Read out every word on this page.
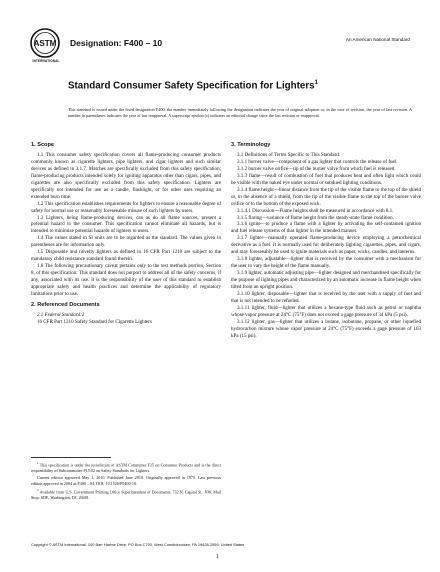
ASTM
INTERNATIONAL
Designation: F400 – 10	An American National Standard
Standard Consumer Safety Specification for Lighters$^1$

This standard is issued under the fixed designation F400; the number immediately following the designation indicates the year of original adoption or, in the case of revision, the year of last revision. A number in parentheses indicates the year of last reapproval. A superscript epsilon (ε) indicates an editorial change since the last revision or reapproval.

1. Scope

1.1 This consumer safety specification covers all flame-producing consumer products commonly known as cigarette lighters, pipe lighters, and cigar lighters and such similar devices as defined in 3.1.7. Matches are specifically excluded from this safety specification; flame-producing products intended solely for igniting apparatus other than cigars, pipes, and cigarettes are also specifically excluded from this safety specification. Lighters are specifically not intended for use as a candle, flashlight, or for other uses requiring an extended burn time.

1.2 This specification establishes requirements for lighters to ensure a reasonable degree of safety for normal use or reasonably foreseeable misuse of such lighters by users.

1.3 Lighters, being flame-producing devices, can as do all flame sources, present a potential hazard to the consumer. This specification cannot eliminate all hazards, but is intended to minimize potential hazards of lighters to users.

1.4 The values stated in SI units are to be regarded as the standard. The values given in parentheses are for information only.

1.5 Disposable and novelty lighters as defined in 16 CFR Part 1210 are subject to the mandatory child resistance standard found therein.

1.6 The following precautionary caveat pertains only to the test methods portion, Section 8, of this specification: This standard does not purport to address all of the safety concerns, if any, associated with its use. It is the responsibility of the user of this standard to establish appropriate safety and health practices and determine the applicability of regulatory limitations prior to use.

2. Referenced Documents

2.1 Federal Standard:2

16 CFR Part 1210 Safety Standard for Cigarette Lighters

3. Terminology

3.1 Definitions of Terms Specific to This Standard:

3.1.1 burner valve—component of a gas lighter that controls the release of fuel.

3.1.2 burner valve orifice—tip of the burner valve from which fuel is released.

3.1.3 flame—result of combustion of fuel that produces heat and often light which could be visible with the naked eye under normal or subdued lighting conditions.

3.1.4 flame height—linear distance from the tip of the visible flame to the top of the shield or, in the absence of a shield, from the tip of the visible flame to the top of the burner valve orifice or to the bottom of the exposed wick.

3.1.4.1 Discussion—Flame heights shall be measured in accordance with 8.1.

3.1.5 flaring—variance of flame height from the steady-state flame condition.

3.1.6 ignite—to produce a flame with a lighter by activating the self-contained ignition and fuel release systems of that lighter in the intended manner.

3.1.7 lighter—manually operated flame-producing device employing a petrochemical derivative as a fuel. It is normally used for deliberately lighting cigarettes, pipes, and cigars, and may foreseeably be used to ignite materials such as paper, wicks, candles, and lanterns.

3.1.8 lighter, adjustable—lighter that is received by the consumer with a mechanism for the user to vary the height of the flame manually.

3.1.9 lighter, automatic adjusting pipe—lighter designed and merchandised specifically for the purpose of lighting pipes and characterized by an automatic increase in flame height when tilted from an upright position.

3.1.10 lighter, disposable—lighter that is received by the user with a supply of fuel and that is not intended to be refueled.

3.1.11 lighter, fluid—lighter that utilizes a hexane-type fluid such as petrol or naphtha whose vapor pressure at 24°C (75°F) does not exceed a gage pressure of 34 kPa (5 psi).

3.1.12 lighter, gas—lighter that utilizes a butane, isobutane, propane, or other liquefied hydrocarbon mixture whose vapor pressure at 24°C (75°F) exceeds a gage pressure of 103 kPa (15 psi).

$^1$ This specification is under the jurisdiction of ASTM Committee F15 on Consumer Products and is the direct responsibility of Subcommittee F15.02 on Safety Standards for Lighters.

Current edition approved May 1, 2010. Published June 2010. Originally approved in 1975. Last previous edition approved in 2004 as F400 – 04. DOI: 10.1520/F0400-10.

$^2$ Available from U.S. Government Printing Office Superintendent of Documents, 732 N. Capitol St., NW, Mail Stop: SDE, Washington, DC 20401.

Copyright © ASTM International, 100 Barr Harbor Drive, PO Box C700, West Conshohocken, PA 19428-2959, United States
1
